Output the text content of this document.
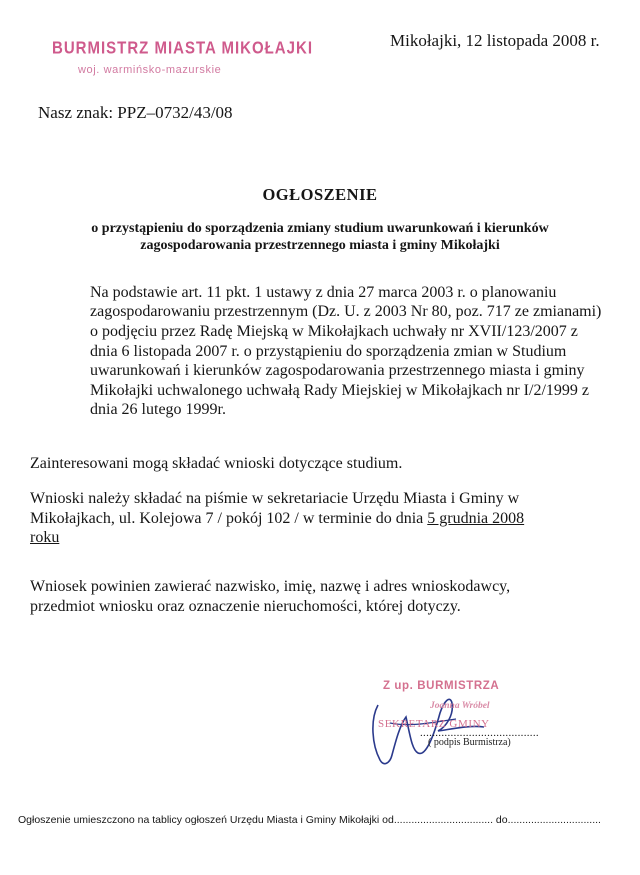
BURMISTRZ MIASTA MIKOŁAJKI
woj. warmińsko-mazurskie
Mikołajki, 12 listopada 2008 r.
Nasz znak: PPZ–0732/43/08
OGŁOSZENIE
o przystąpieniu do sporządzenia zmiany studium uwarunkowań i kierunków
zagospodarowania przestrzennego miasta i gminy Mikołajki
Na podstawie art. 11 pkt. 1 ustawy z dnia 27 marca 2003 r. o planowaniu
zagospodarowaniu przestrzennym (Dz. U. z 2003 Nr 80, poz. 717 ze zmianami)
o podjęciu przez Radę Miejską w Mikołajkach uchwały nr XVII/123/2007 z
dnia 6 listopada 2007 r. o przystąpieniu do sporządzenia zmian w Studium
uwarunkowań i kierunków zagospodarowania przestrzennego miasta i gminy
Mikołajki uchwalonego uchwałą Rady Miejskiej w Mikołajkach nr I/2/1999 z
dnia 26 lutego 1999r.
Zainteresowani mogą składać wnioski dotyczące studium.
Wnioski należy składać na piśmie w sekretariacie Urzędu Miasta i Gminy w
Mikołajkach, ul. Kolejowa 7 / pokój 102 / w terminie do dnia 5 grudnia 2008
roku
Wniosek powinien zawierać nazwisko, imię, nazwę i adres wnioskodawcy,
przedmiot wniosku oraz oznaczenie nieruchomości, której dotyczy.
Z up. BURMISTRZA
Joanna Wróbel
SEKRETARZ GMINY
.......................................
( podpis Burmistrza)
Ogłoszenie umieszczono na tablicy ogłoszeń Urzędu Miasta i Gminy Mikołajki od.................................. do................................
